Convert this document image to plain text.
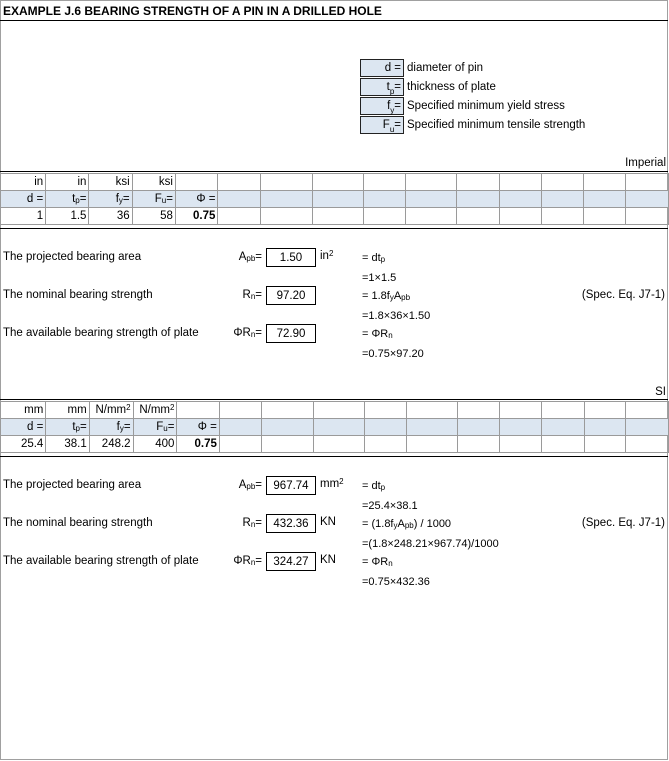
EXAMPLE J.6 BEARING STRENGTH OF A PIN IN A DRILLED HOLE
d = diameter of pin
tp= thickness of plate
fy= Specified minimum yield stress
Fu= Specified minimum tensile strength
Imperial
in	in	ksi	ksi											
d =	tp=	fy=	Fu=	Φ =										
1	1.5	36	58	0.75										
The projected bearing area	Apb=	1.50	$in^2$	= dtp
=1×1.5
The nominal bearing strength	Rn=	97.20	(Spec. Eq. J7-1)
= 1.8fyApb
=1.8×36×1.50
The available bearing strength of plate	ΦRn=	72.90	= ΦRn
=0.75×97.20
SI
mm	mm	$N/mm^2$	$N/mm^2$											
d =	tp=	fy=	Fu=	Φ =										
25.4	38.1	248.2	400	0.75										
The projected bearing area	Apb= 967.74 $mm^2$ = dtp
=25.4×38.1
The nominal bearing strength	Rn= 432.36 KN	(Spec. Eq. J7-1)
= (1.8fyApb) / 1000
=(1.8×248.21×967.74)/1000
The available bearing strength of plate	ΦRn= 324.27 KN = ΦRn
=0.75×432.36
